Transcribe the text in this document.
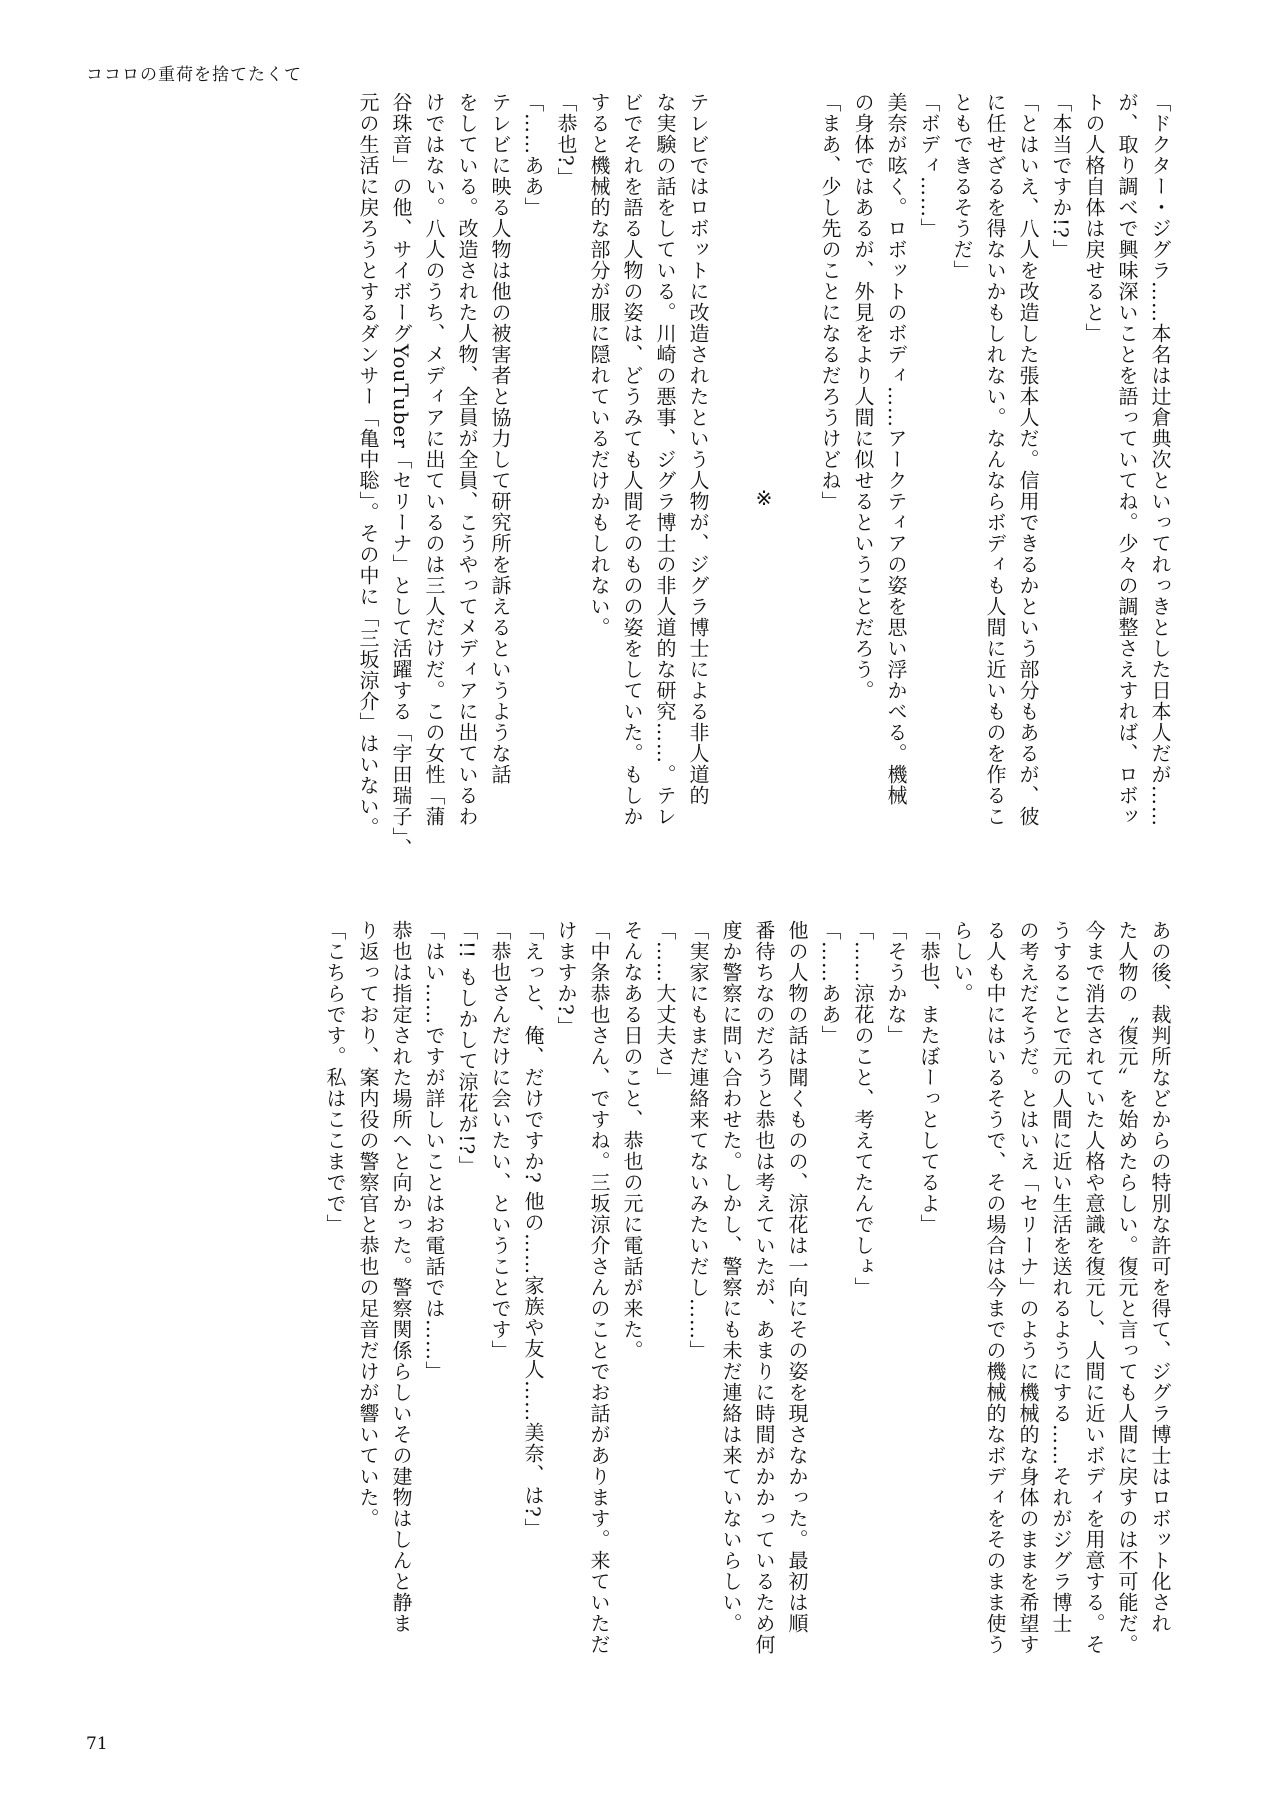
ココロの重荷を捨てたくて
「ドクター・ジグラ……本名は辻倉典次といってれっきとした日本人だが……
が、取り調べで興味深いことを語っていてね。少々の調整さえすれば、ロボッ
トの人格自体は戻せると」
「本当ですか!?」
「とはいえ、八人を改造した張本人だ。信用できるかという部分もあるが、彼
に任せざるを得ないかもしれない。なんならボディも人間に近いものを作るこ
ともできるそうだ」
「ボディ……」
美奈が呟く。ロボットのボディ……アークティアの姿を思い浮かべる。機械
の身体ではあるが、外見をより人間に似せるということだろう。
「まあ、少し先のことになるだろうけどね」

※

テレビではロボットに改造されたという人物が、ジグラ博士による非人道的
な実験の話をしている。川崎の悪事、ジグラ博士の非人道的な研究……。テレ
ビでそれを語る人物の姿は、どうみても人間そのものの姿をしていた。もしか
すると機械的な部分が服に隠れているだけかもしれない。
「恭也?」
「……ああ」
テレビに映る人物は他の被害者と協力して研究所を訴えるというような話
をしている。改造された人物、全員が全員、こうやってメディアに出ているわ
けではない。八人のうち、メディアに出ているのは三人だけだ。この女性「蒲
谷珠音」の他、サイボーグYouTuber「セリーナ」として活躍する「宇田瑞子」、
元の生活に戻ろうとするダンサー「亀中聡」。その中に「三坂涼介」はいない。
あの後、裁判所などからの特別な許可を得て、ジグラ博士はロボット化され
た人物の〝復元〟を始めたらしい。復元と言っても人間に戻すのは不可能だ。
今まで消去されていた人格や意識を復元し、人間に近いボディを用意する。そ
うすることで元の人間に近い生活を送れるようにする……それがジグラ博士
の考えだそうだ。とはいえ「セリーナ」のように機械的な身体のままを希望す
る人も中にはいるそうで、その場合は今までの機械的なボディをそのまま使う
らしい。
「恭也、またぼーっとしてるよ」
「そうかな」
「……涼花のこと、考えてたんでしょ」
「……ああ」
他の人物の話は聞くものの、涼花は一向にその姿を現さなかった。最初は順
番待ちなのだろうと恭也は考えていたが、あまりに時間がかかっているため何
度か警察に問い合わせた。しかし、警察にも未だ連絡は来ていないらしい。
「実家にもまだ連絡来てないみたいだし……」
「……大丈夫さ」
そんなある日のこと、恭也の元に電話が来た。
「中条恭也さん、ですね。三坂涼介さんのことでお話があります。来ていただ
けますか?」
「えっと、俺、だけですか? 他の……家族や友人……美奈、は?」
「恭也さんだけに会いたい、ということです」
「!! もしかして涼花が!?」
「はい……ですが詳しいことはお電話では……」
恭也は指定された場所へと向かった。警察関係らしいその建物はしんと静ま
り返っており、案内役の警察官と恭也の足音だけが響いていた。
「こちらです。私はここまでで」
71
